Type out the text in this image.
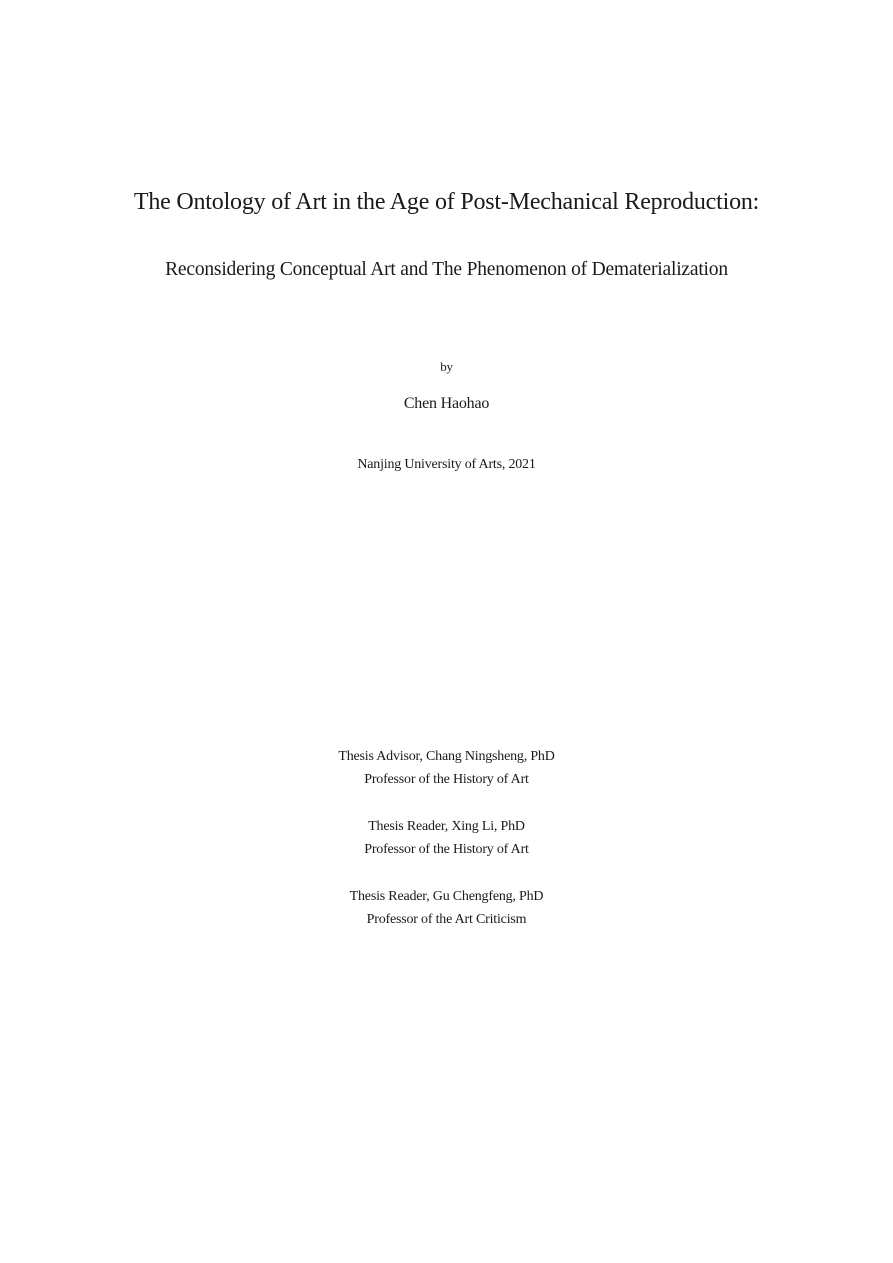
The Ontology of Art in the Age of Post-Mechanical Reproduction:
Reconsidering Conceptual Art and The Phenomenon of Dematerialization
by
Chen Haohao
Nanjing University of Arts, 2021
Thesis Advisor, Chang Ningsheng, PhD
Professor of the History of Art
Thesis Reader, Xing Li, PhD
Professor of the History of Art
Thesis Reader, Gu Chengfeng, PhD
Professor of the Art Criticism
